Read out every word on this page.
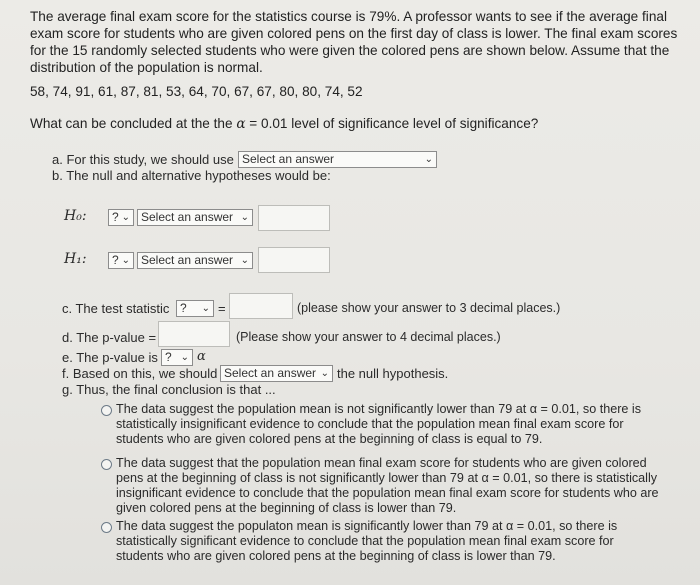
The average final exam score for the statistics course is 79%. A professor wants to see if the average final exam score for students who are given colored pens on the first day of class is lower. The final exam scores for the 15 randomly selected students who were given the colored pens are shown below. Assume that the distribution of the population is normal.
58, 74, 91, 61, 87, 81, 53, 64, 70, 67, 67, 80, 80, 74, 52
What can be concluded at the the α = 0.01 level of significance level of significance?
a. For this study, we should use Select an answer
⌄
b. The null and alternative hypotheses would be:
H₀:	? ⌄	Select an answer
⌄
H₁:	? ⌄	Select an answer
⌄
c. The test statistic ? ⌄	=	(please show your answer to 3 decimal places.)
d. The p-value =	(Please show your answer to 4 decimal places.)
e. The p-value is ? ⌄	α
f. Based on this, we should Select an answer ⌄	the null hypothesis.
g. Thus, the final conclusion is that ...
The data suggest the population mean is not significantly lower than 79 at α = 0.01, so there is statistically insignificant evidence to conclude that the population mean final exam score for students who are given colored pens at the beginning of class is equal to 79.
The data suggest that the population mean final exam score for students who are given colored pens at the beginning of class is not significantly lower than 79 at α = 0.01, so there is statistically insignificant evidence to conclude that the population mean final exam score for students who are given colored pens at the beginning of class is lower than 79.
The data suggest the populaton mean is significantly lower than 79 at α = 0.01, so there is statistically significant evidence to conclude that the population mean final exam score for students who are given colored pens at the beginning of class is lower than 79.
